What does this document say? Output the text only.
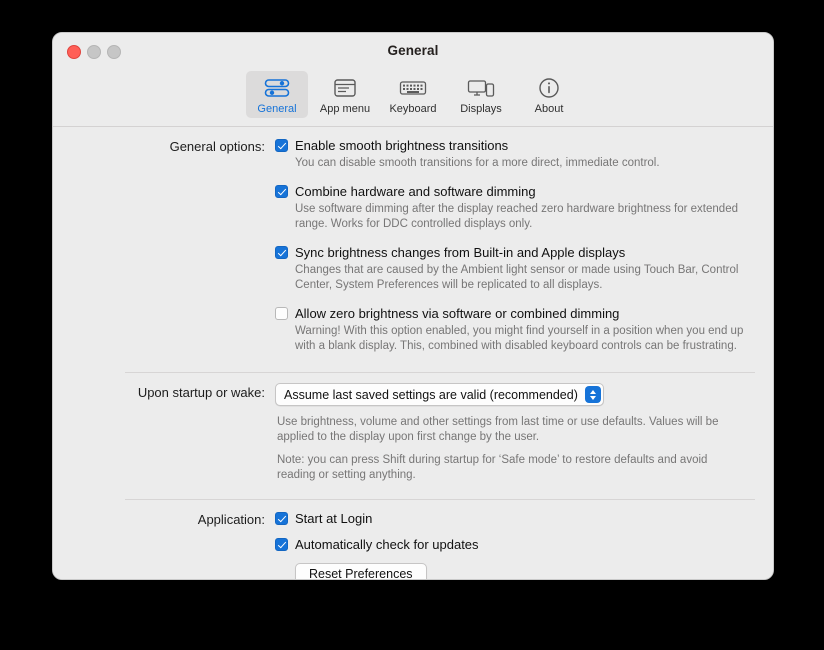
General
General	App menu	Keyboard	Displays	About
General options:	Enable smooth brightness transitions
You can disable smooth transitions for a more direct, immediate control.
Combine hardware and software dimming
Use software dimming after the display reached zero hardware brightness for extended range. Works for DDC controlled displays only.
Sync brightness changes from Built-in and Apple displays
Changes that are caused by the Ambient light sensor or made using Touch Bar, Control Center, System Preferences will be replicated to all displays.
Allow zero brightness via software or combined dimming
Warning! With this option enabled, you might find yourself in a position when you end up with a blank display. This, combined with disabled keyboard controls can be frustrating.
Upon startup or wake:	Assume last saved settings are valid (recommended)
Use brightness, volume and other settings from last time or use defaults. Values will be applied to the display upon first change by the user.
Note: you can press Shift during startup for ‘Safe mode’ to restore defaults and avoid reading or setting anything.
Application:	Start at Login
Automatically check for updates
Reset Preferences
